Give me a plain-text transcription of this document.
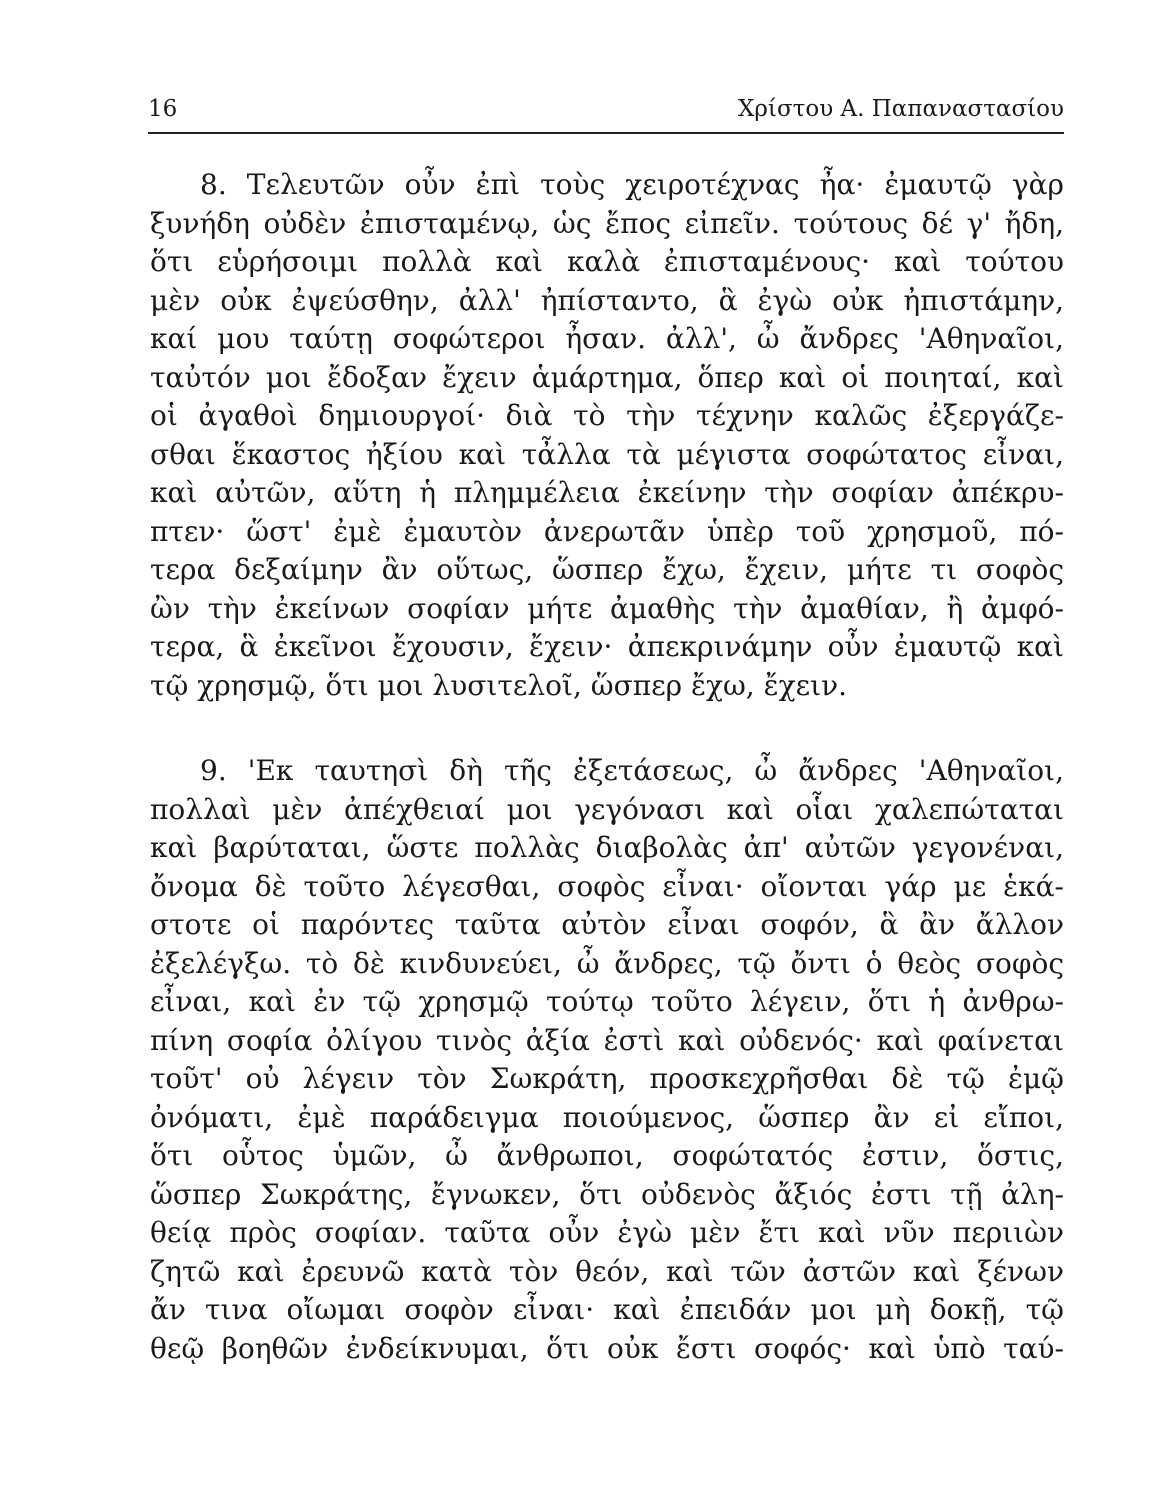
16	Χρίστου Α. Παπαναστασίου
8. Τελευτῶν οὖν ἐπὶ τοὺς χειροτέχνας ἦα· ἐμαυτῷ γὰρ
ξυνήδη οὐδὲν ἐπισταμένῳ, ὡς ἔπος εἰπεῖν. τούτους δέ γ' ἤδη,
ὅτι εὑρήσοιμι πολλὰ καὶ καλὰ ἐπισταμένους· καὶ τούτου
μὲν οὐκ ἐψεύσθην, ἀλλ' ἠπίσταντο, ἃ ἐγὼ οὐκ ἠπιστάμην,
καί μου ταύτῃ σοφώτεροι ἦσαν. ἀλλ', ὦ ἄνδρες 'Αθηναῖοι,
ταὐτόν μοι ἔδοξαν ἔχειν ἁμάρτημα, ὅπερ καὶ οἱ ποιηταί, καὶ
οἱ ἀγαθοὶ δημιουργοί· διὰ τὸ τὴν τέχνην καλῶς ἐξεργάζε-
σθαι ἕκαστος ἠξίου καὶ τἆλλα τὰ μέγιστα σοφώτατος εἶναι,
καὶ αὐτῶν, αὕτη ἡ πλημμέλεια ἐκείνην τὴν σοφίαν ἀπέκρυ-
πτεν· ὥστ' ἐμὲ ἐμαυτὸν ἀνερωτᾶν ὑπὲρ τοῦ χρησμοῦ, πό-
τερα δεξαίμην ἂν οὕτως, ὥσπερ ἔχω, ἔχειν, μήτε τι σοφὸς
ὢν τὴν ἐκείνων σοφίαν μήτε ἀμαθὴς τὴν ἀμαθίαν, ἢ ἀμφό-
τερα, ἃ ἐκεῖνοι ἔχουσιν, ἔχειν· ἀπεκρινάμην οὖν ἐμαυτῷ καὶ
τῷ χρησμῷ, ὅτι μοι λυσιτελοῖ, ὥσπερ ἔχω, ἔχειν.
9. 'Εκ ταυτησὶ δὴ τῆς ἐξετάσεως, ὦ ἄνδρες 'Αθηναῖοι,
πολλαὶ μὲν ἀπέχθειαί μοι γεγόνασι καὶ οἷαι χαλεπώταται
καὶ βαρύταται, ὥστε πολλὰς διαβολὰς ἀπ' αὐτῶν γεγονέναι,
ὄνομα δὲ τοῦτο λέγεσθαι, σοφὸς εἶναι· οἴονται γάρ με ἑκά-
στοτε οἱ παρόντες ταῦτα αὐτὸν εἶναι σοφόν, ἃ ἂν ἄλλον
ἐξελέγξω. τὸ δὲ κινδυνεύει, ὦ ἄνδρες, τῷ ὄντι ὁ θεὸς σοφὸς
εἶναι, καὶ ἐν τῷ χρησμῷ τούτῳ τοῦτο λέγειν, ὅτι ἡ ἀνθρω-
πίνη σοφία ὀλίγου τινὸς ἀξία ἐστὶ καὶ οὐδενός· καὶ φαίνεται
τοῦτ' οὐ λέγειν τὸν Σωκράτη, προσκεχρῆσθαι δὲ τῷ ἐμῷ
ὀνόματι, ἐμὲ παράδειγμα ποιούμενος, ὥσπερ ἂν εἰ εἴποι,
ὅτι οὗτος ὑμῶν, ὦ ἄνθρωποι, σοφώτατός ἐστιν, ὅστις,
ὥσπερ Σωκράτης, ἔγνωκεν, ὅτι οὐδενὸς ἄξιός ἐστι τῇ ἀλη-
θείᾳ πρὸς σοφίαν. ταῦτα οὖν ἐγὼ μὲν ἔτι καὶ νῦν περιιὼν
ζητῶ καὶ ἐρευνῶ κατὰ τὸν θεόν, καὶ τῶν ἀστῶν καὶ ξένων
ἄν τινα οἴωμαι σοφὸν εἶναι· καὶ ἐπειδάν μοι μὴ δοκῇ, τῷ
θεῷ βοηθῶν ἐνδείκνυμαι, ὅτι οὐκ ἔστι σοφός· καὶ ὑπὸ ταύ-
